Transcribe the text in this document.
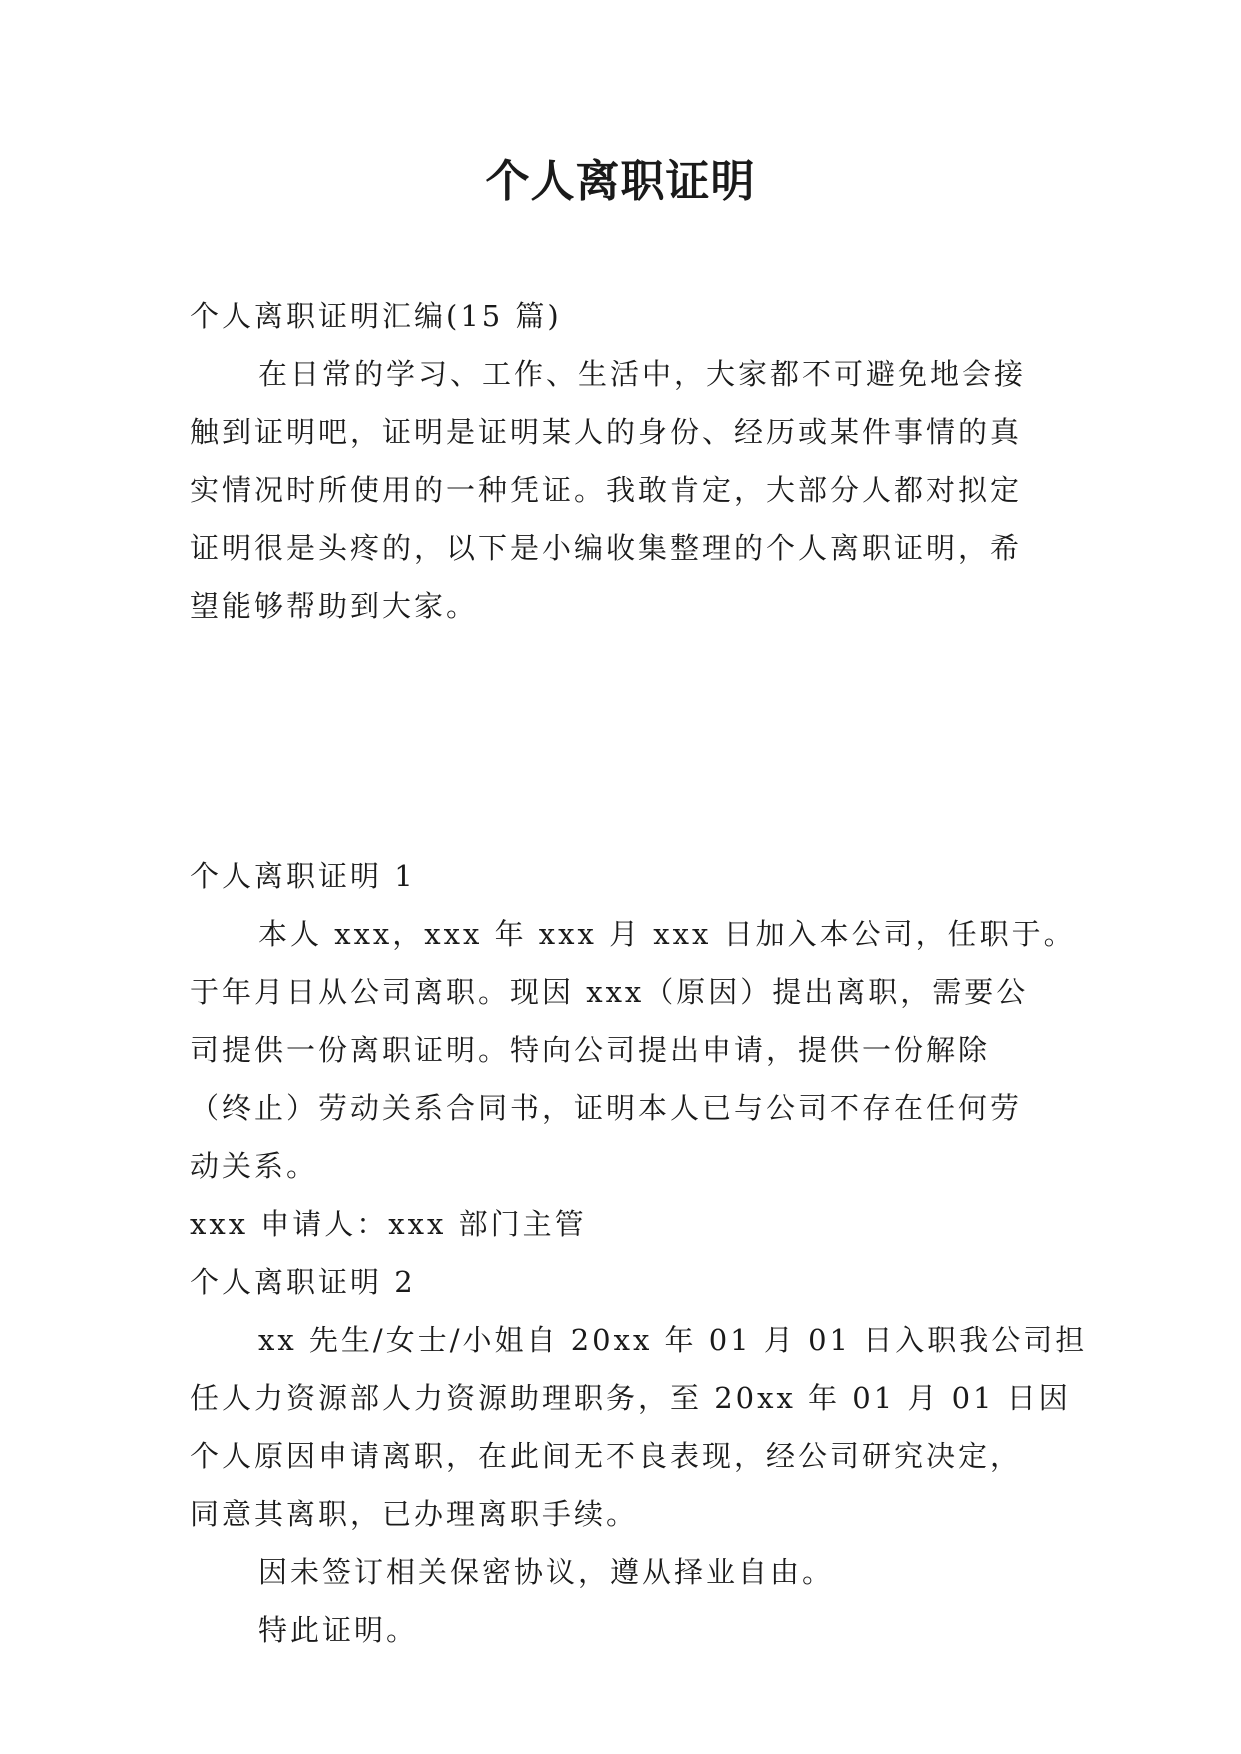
个人离职证明

个人离职证明汇编(15 篇)

在日常的学习、工作、生活中，大家都不可避免地会接

触到证明吧，证明是证明某人的身份、经历或某件事情的真

实情况时所使用的一种凭证。我敢肯定，大部分人都对拟定

证明很是头疼的，以下是小编收集整理的个人离职证明，希

望能够帮助到大家。

个人离职证明 1

本人 xxx，xxx 年 xxx 月 xxx 日加入本公司，任职于。

于年月日从公司离职。现因 xxx（原因）提出离职，需要公

司提供一份离职证明。特向公司提出申请，提供一份解除

（终止）劳动关系合同书，证明本人已与公司不存在任何劳

动关系。

xxx 申请人：xxx 部门主管

个人离职证明 2

xx 先生/女士/小姐自 20xx 年 01 月 01 日入职我公司担

任人力资源部人力资源助理职务，至 20xx 年 01 月 01 日因

个人原因申请离职，在此间无不良表现，经公司研究决定，

同意其离职，已办理离职手续。

因未签订相关保密协议，遵从择业自由。

特此证明。
